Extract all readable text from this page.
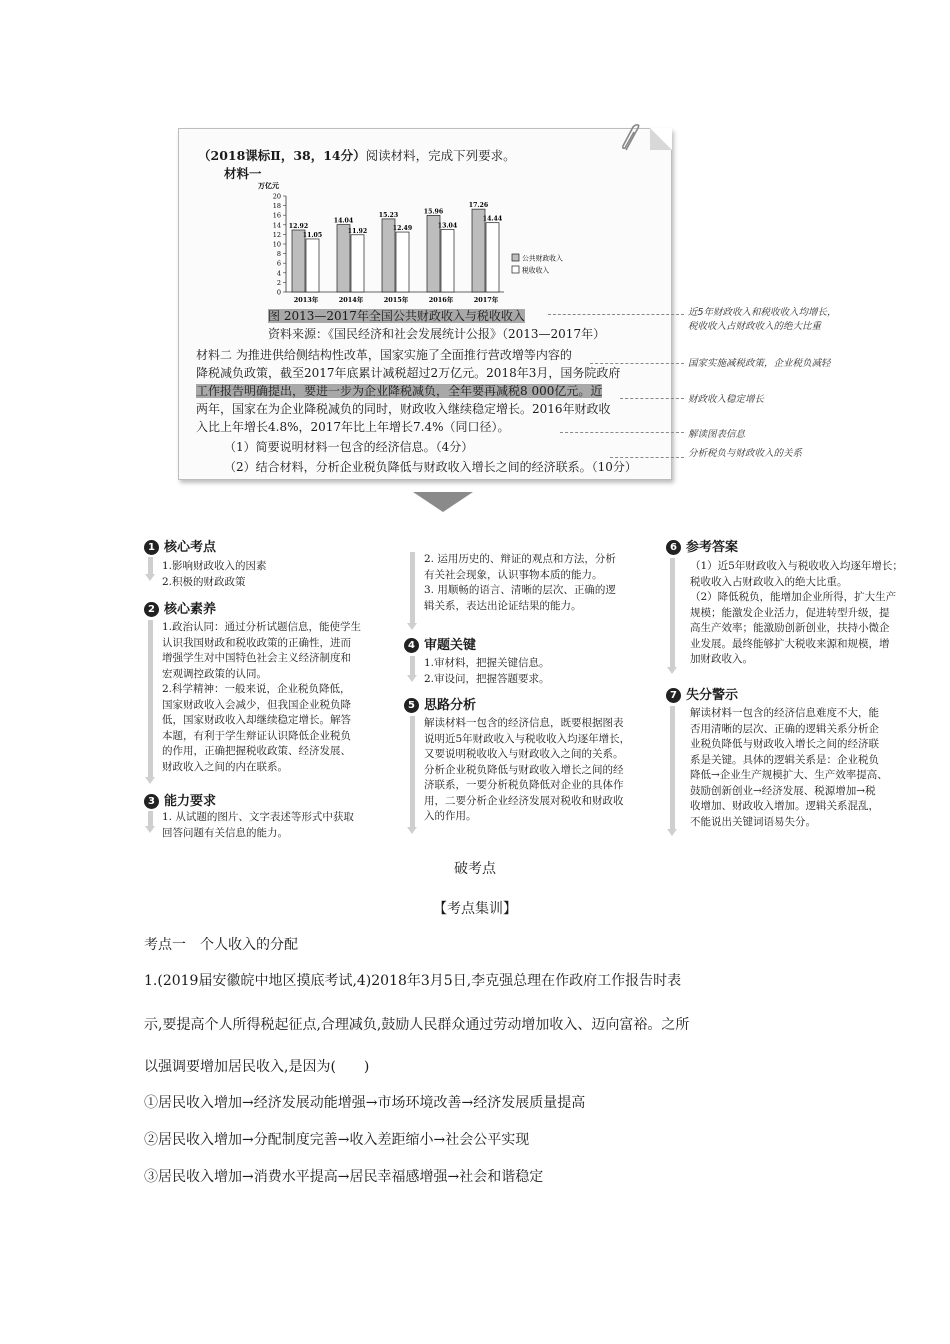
（2018课标Ⅱ，38，14分）阅读材料，完成下列要求。
材料一
万亿元
0
2
4
6
8
10
12
14
16
18
20
12.92
11.05
2013年
14.04
11.92
2014年
15.23
12.49
2015年
15.96
13.04
2016年
17.26
14.44
2017年
公共财政收入
税收收入
图 2013—2017年全国公共财政收入与税收收入
资料来源：《国民经济和社会发展统计公报》（2013—2017年）
材料二 为推进供给侧结构性改革，国家实施了全面推行营改增等内容的
降税减负政策，截至2017年底累计减税超过2万亿元。2018年3月，国务院政府
工作报告明确提出，要进一步为企业降税减负，全年要再减税8 000亿元。近
两年，国家在为企业降税减负的同时，财政收入继续稳定增长。2016年财政收
入比上年增长4.8%，2017年比上年增长7.4%（同口径）。
（1）简要说明材料一包含的经济信息。（4分）
（2）结合材料，分析企业税负降低与财政收入增长之间的经济联系。（10分）
近5年财政收入和税收收入均增长，
税收收入占财政收入的绝大比重
国家实施减税政策，企业税负减轻
财政收入稳定增长
解读图表信息
分析税负与财政收入的关系
1 核心考点
1.影响财政收入的因素
2.积极的财政政策
2 核心素养
1.政治认同：通过分析试题信息，能使学生
认识我国财政和税收政策的正确性，进而
增强学生对中国特色社会主义经济制度和
宏观调控政策的认同。
2.科学精神：一般来说，企业税负降低，
国家财政收入会减少，但我国企业税负降
低，国家财政收入却继续稳定增长。解答
本题，有利于学生辩证认识降低企业税负
的作用，正确把握税收政策、经济发展、
财政收入之间的内在联系。
3 能力要求
1. 从试题的图片、文字表述等形式中获取
回答问题有关信息的能力。
2. 运用历史的、辩证的观点和方法，分析
有关社会现象，认识事物本质的能力。
3. 用顺畅的语言、清晰的层次、正确的逻
辑关系，表达出论证结果的能力。
4 审题关键
1.审材料，把握关键信息。
2.审设问，把握答题要求。
5 思路分析
解读材料一包含的经济信息，既要根据图表
说明近5年财政收入与税收收入均逐年增长，
又要说明税收收入与财政收入之间的关系。
分析企业税负降低与财政收入增长之间的经
济联系，一要分析税负降低对企业的具体作
用，二要分析企业经济发展对税收和财政收
入的作用。
6 参考答案
（1）近5年财政收入与税收收入均逐年增长；
税收收入占财政收入的绝大比重。
（2）降低税负，能增加企业所得，扩大生产
规模；能激发企业活力，促进转型升级，提
高生产效率；能激励创新创业，扶持小微企
业发展。最终能够扩大税收来源和规模，增
加财政收入。
7 失分警示
解读材料一包含的经济信息难度不大，能
否用清晰的层次、正确的逻辑关系分析企
业税负降低与财政收入增长之间的经济联
系是关键。具体的逻辑关系是：企业税负
降低→企业生产规模扩大、生产效率提高、
鼓励创新创业→经济发展、税源增加→税
收增加、财政收入增加。逻辑关系混乱，
不能说出关键词语易失分。
破考点
【考点集训】
考点一　个人收入的分配
1.(2019届安徽皖中地区摸底考试,4)2018年3月5日,李克强总理在作政府工作报告时表
示,要提高个人所得税起征点,合理减负,鼓励人民群众通过劳动增加收入、迈向富裕。之所
以强调要增加居民收入,是因为(　　)
①居民收入增加→经济发展动能增强→市场环境改善→经济发展质量提高
②居民收入增加→分配制度完善→收入差距缩小→社会公平实现
③居民收入增加→消费水平提高→居民幸福感增强→社会和谐稳定
